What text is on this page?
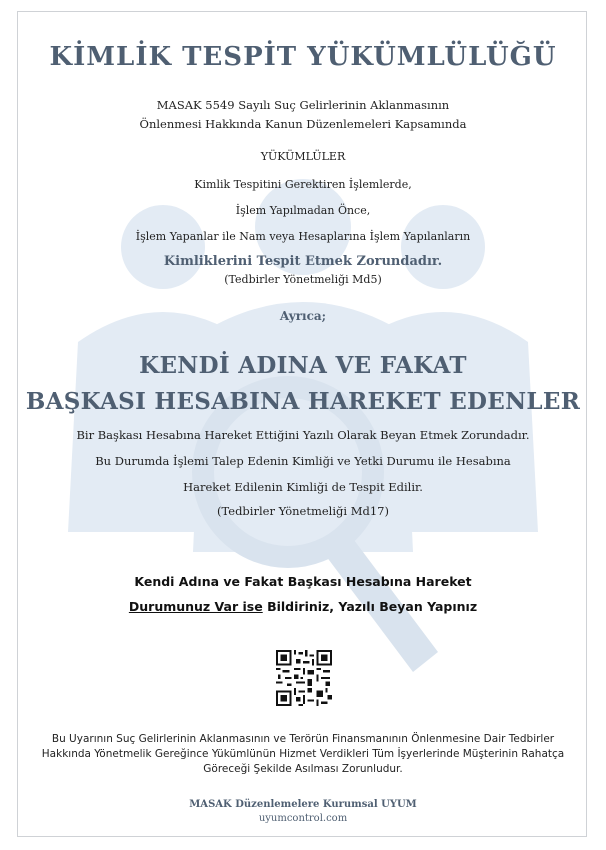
KİMLİK TESPİT YÜKÜMLÜLÜĞÜ
MASAK 5549 Sayılı Suç Gelirlerinin Aklanmasının
Önlenmesi Hakkında Kanun Düzenlemeleri Kapsamında
YÜKÜMLÜLER
Kimlik Tespitini Gerektiren İşlemlerde,
İşlem Yapılmadan Önce,
İşlem Yapanlar ile Nam veya Hesaplarına İşlem Yapılanların
Kimliklerini Tespit Etmek Zorundadır.
(Tedbirler Yönetmeliği Md5)
Ayrıca;
KENDİ ADINA VE FAKAT
BAŞKASI HESABINA HAREKET EDENLER
Bir Başkası Hesabına Hareket Ettiğini Yazılı Olarak Beyan Etmek Zorundadır.
Bu Durumda İşlemi Talep Edenin Kimliği ve Yetki Durumu ile Hesabına
Hareket Edilenin Kimliği de Tespit Edilir.
(Tedbirler Yönetmeliği Md17)
Kendi Adına ve Fakat Başkası Hesabına Hareket
Durumunuz Var ise Bildiriniz, Yazılı Beyan Yapınız
Bu Uyarının Suç Gelirlerinin Aklanmasının ve Terörün Finansmanının Önlenmesine Dair Tedbirler
Hakkında Yönetmelik Gereğince Yükümlünün Hizmet Verdikleri Tüm İşyerlerinde Müşterinin Rahatça
Göreceği Şekilde Asılması Zorunludur.
MASAK Düzenlemelere Kurumsal UYUM
uyumcontrol.com
